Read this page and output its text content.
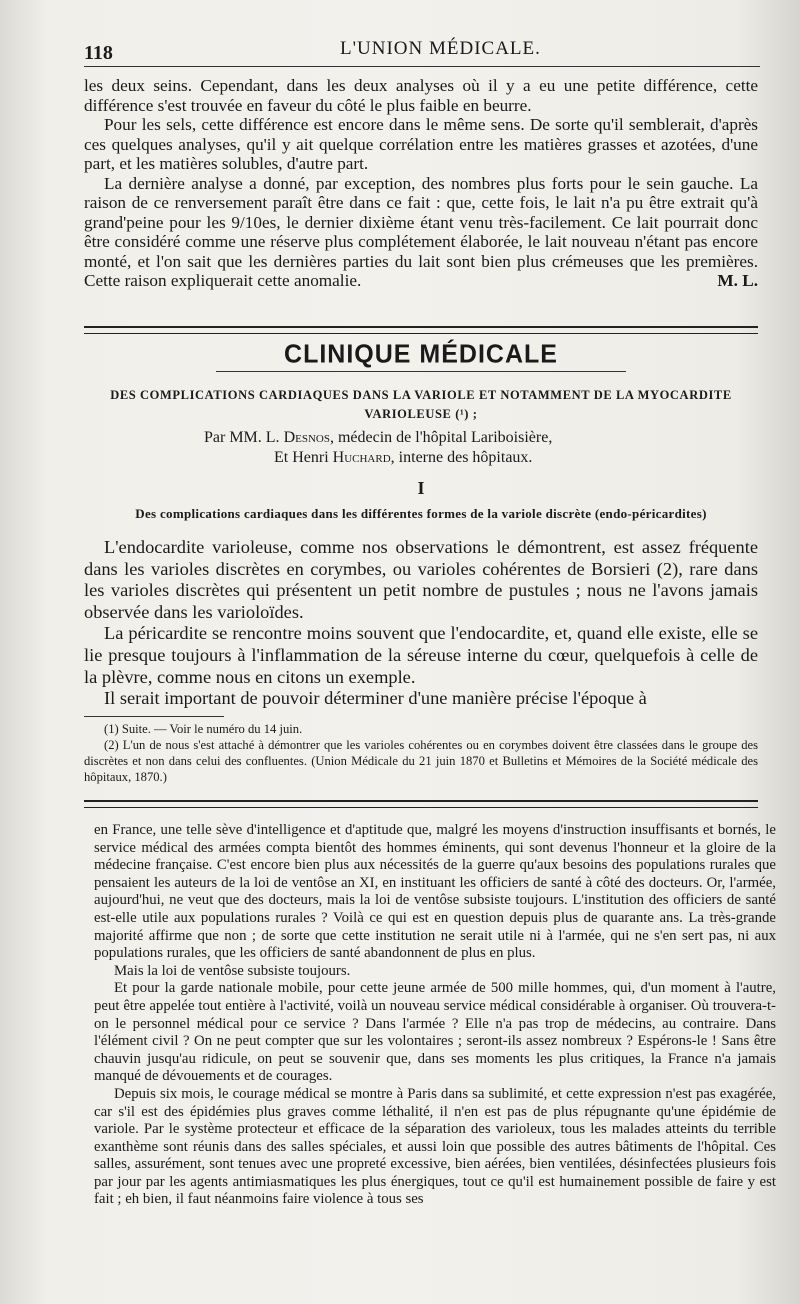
118	L'UNION MÉDICALE.

les deux seins. Cependant, dans les deux analyses où il y a eu une petite différence, cette différence s'est trouvée en faveur du côté le plus faible en beurre.

Pour les sels, cette différence est encore dans le même sens. De sorte qu'il semblerait, d'après ces quelques analyses, qu'il y ait quelque corrélation entre les matières grasses et azotées, d'une part, et les matières solubles, d'autre part.

La dernière analyse a donné, par exception, des nombres plus forts pour le sein gauche. La raison de ce renversement paraît être dans ce fait : que, cette fois, le lait n'a pu être extrait qu'à grand'peine pour les 9/10es, le dernier dixième étant venu très-facilement. Ce lait pourrait donc être considéré comme une réserve plus complétement élaborée, le lait nouveau n'étant pas encore monté, et l'on sait que les dernières parties du lait sont bien plus crémeuses que les premières. Cette raison expliquerait cette anomalie.	M. L.
CLINIQUE MÉDICALE
DES COMPLICATIONS CARDIAQUES DANS LA VARIOLE ET NOTAMMENT DE LA MYOCARDITE VARIOLEUSE (¹) ;
Par MM. L. Desnos, médecin de l'hôpital Lariboisière,
Et Henri Huchard, interne des hôpitaux.
I
Des complications cardiaques dans les différentes formes de la variole discrète (endo-péricardites)

L'endocardite varioleuse, comme nos observations le démontrent, est assez fréquente dans les varioles discrètes en corymbes, ou varioles cohérentes de Borsieri (2), rare dans les varioles discrètes qui présentent un petit nombre de pustules ; nous ne l'avons jamais observée dans les varioloïdes.

La péricardite se rencontre moins souvent que l'endocardite, et, quand elle existe, elle se lie presque toujours à l'inflammation de la séreuse interne du cœur, quelquefois à celle de la plèvre, comme nous en citons un exemple.

Il serait important de pouvoir déterminer d'une manière précise l'époque à

(1) Suite. — Voir le numéro du 14 juin.

(2) L'un de nous s'est attaché à démontrer que les varioles cohérentes ou en corymbes doivent être classées dans le groupe des discrètes et non dans celui des confluentes. (Union Médicale du 21 juin 1870 et Bulletins et Mémoires de la Société médicale des hôpitaux, 1870.)

en France, une telle sève d'intelligence et d'aptitude que, malgré les moyens d'instruction insuffisants et bornés, le service médical des armées compta bientôt des hommes éminents, qui sont devenus l'honneur et la gloire de la médecine française. C'est encore bien plus aux nécessités de la guerre qu'aux besoins des populations rurales que pensaient les auteurs de la loi de ventôse an XI, en instituant les officiers de santé à côté des docteurs. Or, l'armée, aujourd'hui, ne veut que des docteurs, mais la loi de ventôse subsiste toujours. L'institution des officiers de santé est-elle utile aux populations rurales ? Voilà ce qui est en question depuis plus de quarante ans. La très-grande majorité affirme que non ; de sorte que cette institution ne serait utile ni à l'armée, qui ne s'en sert pas, ni aux populations rurales, que les officiers de santé abandonnent de plus en plus.

Mais la loi de ventôse subsiste toujours.

Et pour la garde nationale mobile, pour cette jeune armée de 500 mille hommes, qui, d'un moment à l'autre, peut être appelée tout entière à l'activité, voilà un nouveau service médical considérable à organiser. Où trouvera-t-on le personnel médical pour ce service ? Dans l'armée ? Elle n'a pas trop de médecins, au contraire. Dans l'élément civil ? On ne peut compter que sur les volontaires ; seront-ils assez nombreux ? Espérons-le ! Sans être chauvin jusqu'au ridicule, on peut se souvenir que, dans ses moments les plus critiques, la France n'a jamais manqué de dévouements et de courages.

Depuis six mois, le courage médical se montre à Paris dans sa sublimité, et cette expression n'est pas exagérée, car s'il est des épidémies plus graves comme léthalité, il n'en est pas de plus répugnante qu'une épidémie de variole. Par le système protecteur et efficace de la séparation des varioleux, tous les malades atteints du terrible exanthème sont réunis dans des salles spéciales, et aussi loin que possible des autres bâtiments de l'hôpital. Ces salles, assurément, sont tenues avec une propreté excessive, bien aérées, bien ventilées, désinfectées plusieurs fois par jour par les agents antimiasmatiques les plus énergiques, tout ce qu'il est humainement possible de faire y est fait ; eh bien, il faut néanmoins faire violence à tous ses
